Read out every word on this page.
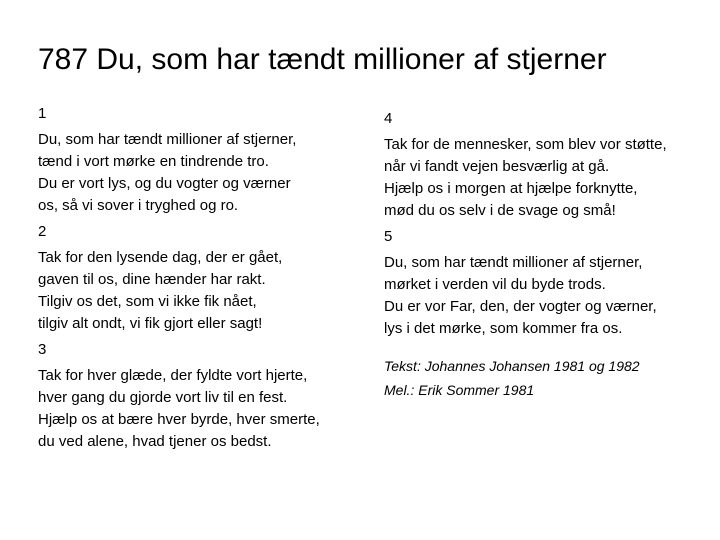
787 Du, som har tændt millioner af stjerner
1
Du, som har tændt millioner af stjerner,
tænd i vort mørke en tindrende tro.
Du er vort lys, og du vogter og værner
os, så vi sover i tryghed og ro.
2
Tak for den lysende dag, der er gået,
gaven til os, dine hænder har rakt.
Tilgiv os det, som vi ikke fik nået,
tilgiv alt ondt, vi fik gjort eller sagt!
3
Tak for hver glæde, der fyldte vort hjerte,
hver gang du gjorde vort liv til en fest.
Hjælp os at bære hver byrde, hver smerte,
du ved alene, hvad tjener os bedst.
4
Tak for de mennesker, som blev vor støtte,
når vi fandt vejen besværlig at gå.
Hjælp os i morgen at hjælpe forknytte,
mød du os selv i de svage og små!
5
Du, som har tændt millioner af stjerner,
mørket i verden vil du byde trods.
Du er vor Far, den, der vogter og værner,
lys i det mørke, som kommer fra os.
Tekst: Johannes Johansen 1981 og 1982
Mel.: Erik Sommer 1981
